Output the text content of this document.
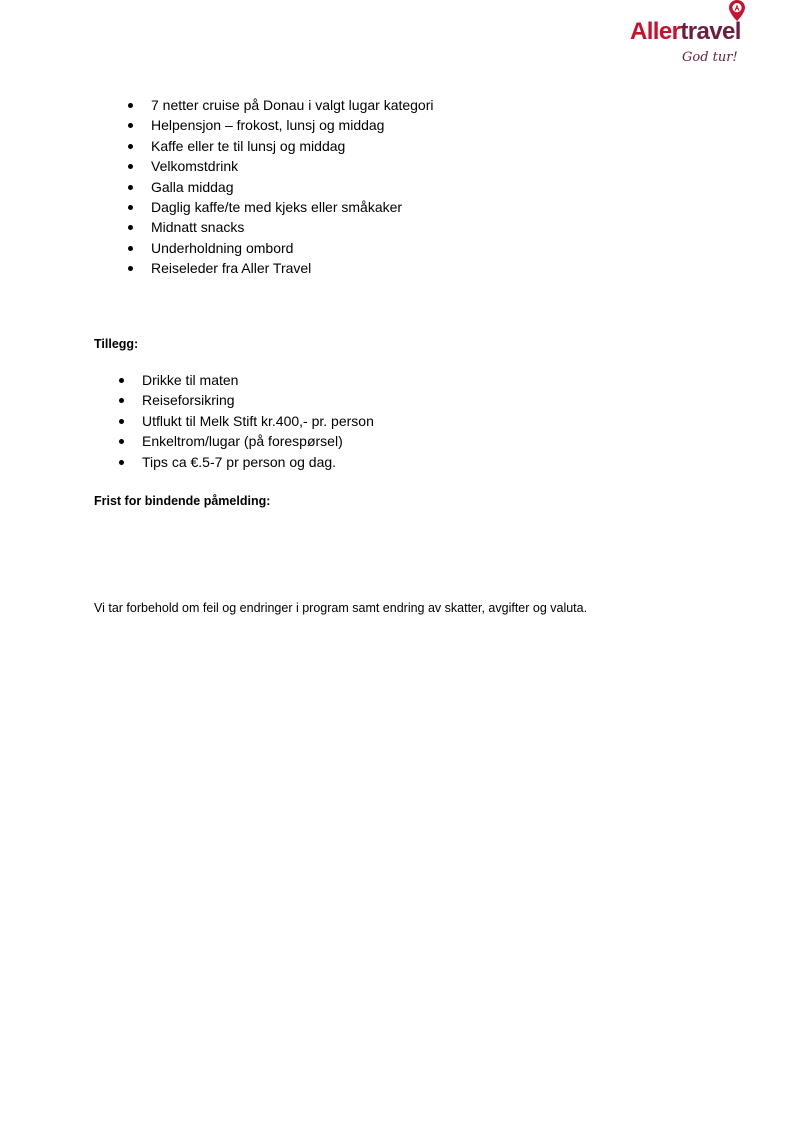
Allertravel
God tur!
7 netter cruise på Donau i valgt lugar kategori
Helpensjon – frokost, lunsj og middag
Kaffe eller te til lunsj og middag
Velkomstdrink
Galla middag
Daglig kaffe/te med kjeks eller småkaker
Midnatt snacks
Underholdning ombord
Reiseleder fra Aller Travel
Tillegg:
Drikke til maten
Reiseforsikring
Utflukt til Melk Stift kr.400,- pr. person
Enkeltrom/lugar (på forespørsel)
Tips ca €.5-7 pr person og dag.
Frist for bindende påmelding:
Vi tar forbehold om feil og endringer i program samt endring av skatter, avgifter og valuta.
